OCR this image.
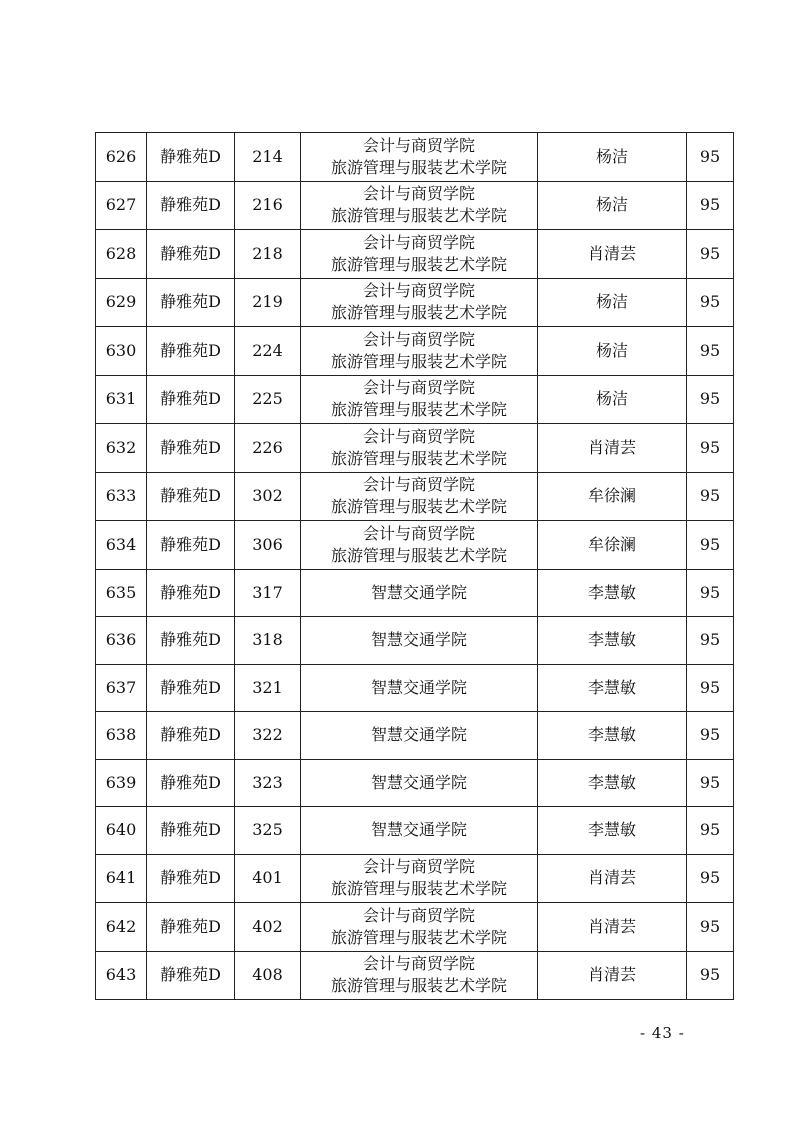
626	静雅苑D	214	会计与商贸学院
旅游管理与服装艺术学院	杨洁	95
627	静雅苑D	216	会计与商贸学院
旅游管理与服装艺术学院	杨洁	95
628	静雅苑D	218	会计与商贸学院
旅游管理与服装艺术学院	肖清芸	95
629	静雅苑D	219	会计与商贸学院
旅游管理与服装艺术学院	杨洁	95
630	静雅苑D	224	会计与商贸学院
旅游管理与服装艺术学院	杨洁	95
631	静雅苑D	225	会计与商贸学院
旅游管理与服装艺术学院	杨洁	95
632	静雅苑D	226	会计与商贸学院
旅游管理与服装艺术学院	肖清芸	95
633	静雅苑D	302	会计与商贸学院
旅游管理与服装艺术学院	牟徐澜	95
634	静雅苑D	306	会计与商贸学院
旅游管理与服装艺术学院	牟徐澜	95
635	静雅苑D	317	智慧交通学院	李慧敏	95
636	静雅苑D	318	智慧交通学院	李慧敏	95
637	静雅苑D	321	智慧交通学院	李慧敏	95
638	静雅苑D	322	智慧交通学院	李慧敏	95
639	静雅苑D	323	智慧交通学院	李慧敏	95
640	静雅苑D	325	智慧交通学院	李慧敏	95
641	静雅苑D	401	会计与商贸学院
旅游管理与服装艺术学院	肖清芸	95
642	静雅苑D	402	会计与商贸学院
旅游管理与服装艺术学院	肖清芸	95
643	静雅苑D	408	会计与商贸学院
旅游管理与服装艺术学院	肖清芸	95
- 43 -
